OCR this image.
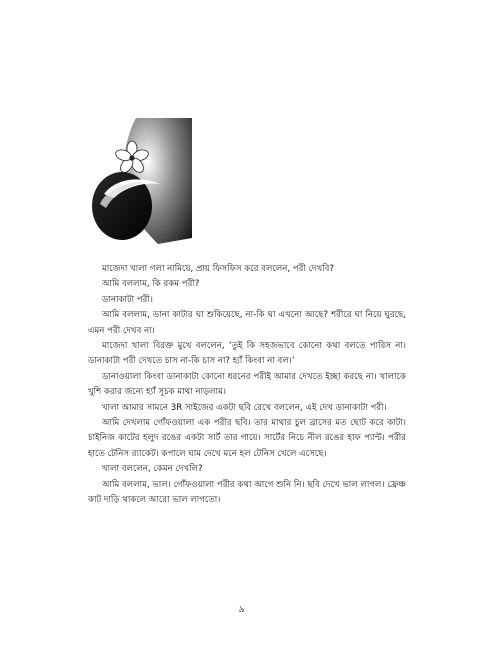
মাজেদা খালা গলা নামিয়ে, প্রায় ফিসফিস করে বললেন, পরী দেখবি?

আমি বললাম, কি রকম পরী?

ডানাকাটা পরী।

আমি বললাম, ডানা কাটার ঘা শুকিয়েছে, না-কি ঘা এখনো আছে? শরীরে ঘা নিয়ে ঘুরছে, এমন পরী দেখব না।

মাজেদা খালা বিরক্ত মুখে বললেন, ‘তুই কি সহজভাবে কোনো কথা বলতে পারিস না। ডানাকাটা পরী দেখতে চাস না-কি চাস না? হ্যাঁ কিংবা না বল।’

ডানাওয়ালা কিংবা ডানাকাটা কোনো ধরনের পরীই আমার দেখতে ইচ্ছা করছে না। খালাকে খুশি করার জন্যে হ্যাঁ সূচক মাথা নাড়লাম।

খালা আমার সামনে 3R সাইজের একটা ছবি রেখে বললেন, এই দেখ ডানাকাটা পরী।

আমি দেখলাম গোঁফওয়ালা এক পরীর ছবি। তার মাথার চুল ব্রাসের মত ছোট করে কাটা। চাইনিজ কাটের হলুদ রঙের একটা সার্ট তার গায়ে। সার্টের নিচে নীল রঙের হাফ প্যান্ট। পরীর হাতে টেনিস র‍্যাকেট। কপালে ঘাম দেখে মনে হল টেনিস খেলে এসেছে।

খালা বললেন, কেমন দেখলি?

আমি বললাম, ভাল। গোঁফওয়ালা পরীর কথা আগে শুনি নি। ছবি দেখে ভাল লাগল। ফ্রেঞ্চ কাট দাড়ি থাকলে আরো ভাল লাগতো।

৯
